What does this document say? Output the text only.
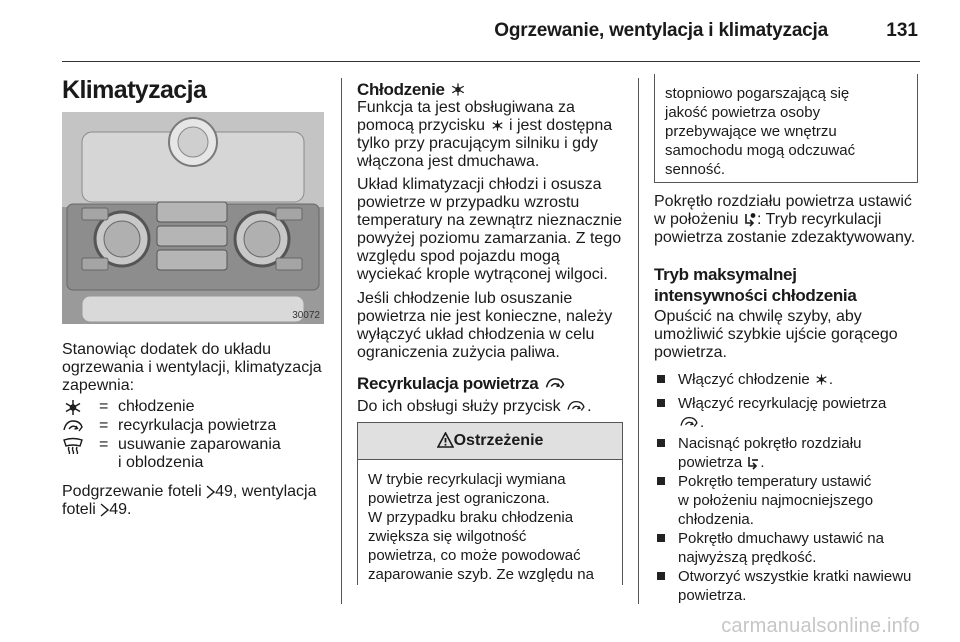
Ogrzewanie, wentylacja i klimatyzacja	131
Klimatyzacja
30072

Stanowiąc dodatek do układu ogrzewania i wentylacji, klimatyzacja zapewnia:

= chłodzenie
= recyrkulacja powietrza
= usuwanie zaparowania
i oblodzenia
Podgrzewanie foteli 49, wentylacja
foteli 49.
Chłodzenie
Funkcja ta jest obsługiwana za
pomocą przycisku  i jest dostępna
tylko przy pracującym silniku i gdy
włączona jest dmuchawa.
Układ klimatyzacji chłodzi i osusza
powietrze w przypadku wzrostu
temperatury na zewnątrz nieznacznie
powyżej poziomu zamarzania. Z tego
względu spod pojazdu mogą
wyciekać krople wytrąconej wilgoci.
Jeśli chłodzenie lub osuszanie
powietrza nie jest konieczne, należy
wyłączyć układ chłodzenia w celu
ograniczenia zużycia paliwa.
Recyrkulacja powietrza
Do ich obsługi służy przycisk .
Ostrzeżenie
W trybie recyrkulacji wymiana
powietrza jest ograniczona.
W przypadku braku chłodzenia
zwiększa się wilgotność
powietrza, co może powodować
zaparowanie szyb. Ze względu na
stopniowo pogarszającą się
jakość powietrza osoby
przebywające we wnętrzu
samochodu mogą odczuwać
senność.
Pokrętło rozdziału powietrza ustawić
w położeniu : Tryb recyrkulacji
powietrza zostanie zdezaktywowany.
Tryb maksymalnej
intensywności chłodzenia
Opuścić na chwilę szyby, aby
umożliwić szybkie ujście gorącego
powietrza.
Włączyć chłodzenie .
Włączyć recyrkulację powietrza
.
Nacisnąć pokrętło rozdziału
powietrza .
Pokrętło temperatury ustawić
w położeniu najmocniejszego
chłodzenia.
Pokrętło dmuchawy ustawić na
najwyższą prędkość.
Otworzyć wszystkie kratki nawiewu
powietrza.
carmanualsonline.info
